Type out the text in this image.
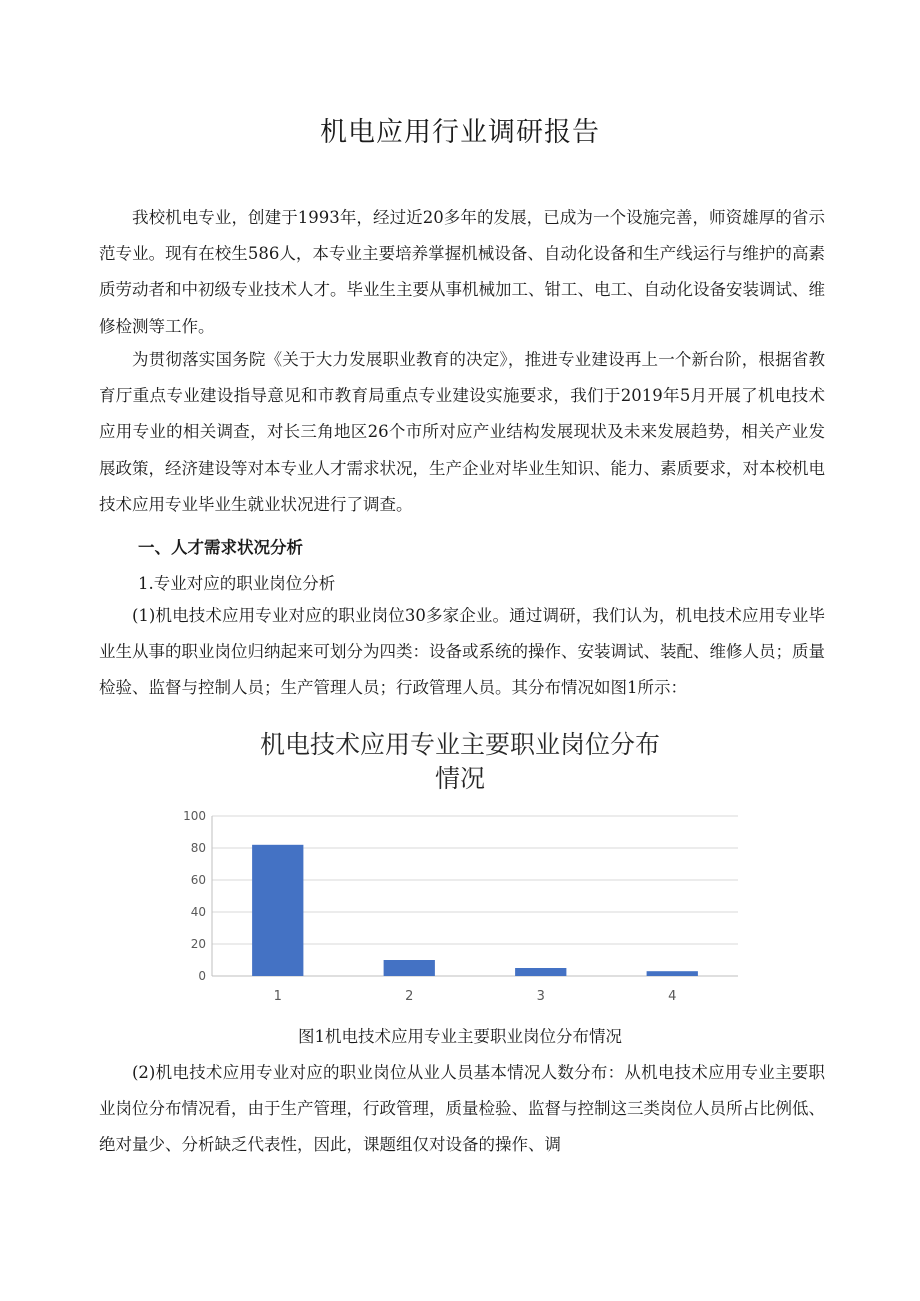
机电应用行业调研报告

我校机电专业，创建于1993年，经过近20多年的发展，已成为一个设施完善，师资雄厚的省示范专业。现有在校生586人，本专业主要培养掌握机械设备、自动化设备和生产线运行与维护的高素质劳动者和中初级专业技术人才。毕业生主要从事机械加工、钳工、电工、自动化设备安装调试、维修检测等工作。

为贯彻落实国务院《关于大力发展职业教育的决定》，推进专业建设再上一个新台阶，根据省教育厅重点专业建设指导意见和市教育局重点专业建设实施要求，我们于2019年5月开展了机电技术应用专业的相关调查，对长三角地区26个市所对应产业结构发展现状及未来发展趋势，相关产业发展政策，经济建设等对本专业人才需求状况，生产企业对毕业生知识、能力、素质要求，对本校机电技术应用专业毕业生就业状况进行了调查。

一、人才需求状况分析
1.专业对应的职业岗位分析

(1)机电技术应用专业对应的职业岗位30多家企业。通过调研，我们认为，机电技术应用专业毕业生从事的职业岗位归纳起来可划分为四类：设备或系统的操作、安装调试、装配、维修人员；质量检验、监督与控制人员；生产管理人员；行政管理人员。其分布情况如图1所示：

机电技术应用专业主要职业岗位分布
情况
0
20
40
60
80
100
1	2	3	4
图1机电技术应用专业主要职业岗位分布情况

(2)机电技术应用专业对应的职业岗位从业人员基本情况人数分布：从机电技术应用专业主要职业岗位分布情况看，由于生产管理，行政管理，质量检验、监督与控制这三类岗位人员所占比例低、绝对量少、分析缺乏代表性，因此，课题组仅对设备的操作、调
